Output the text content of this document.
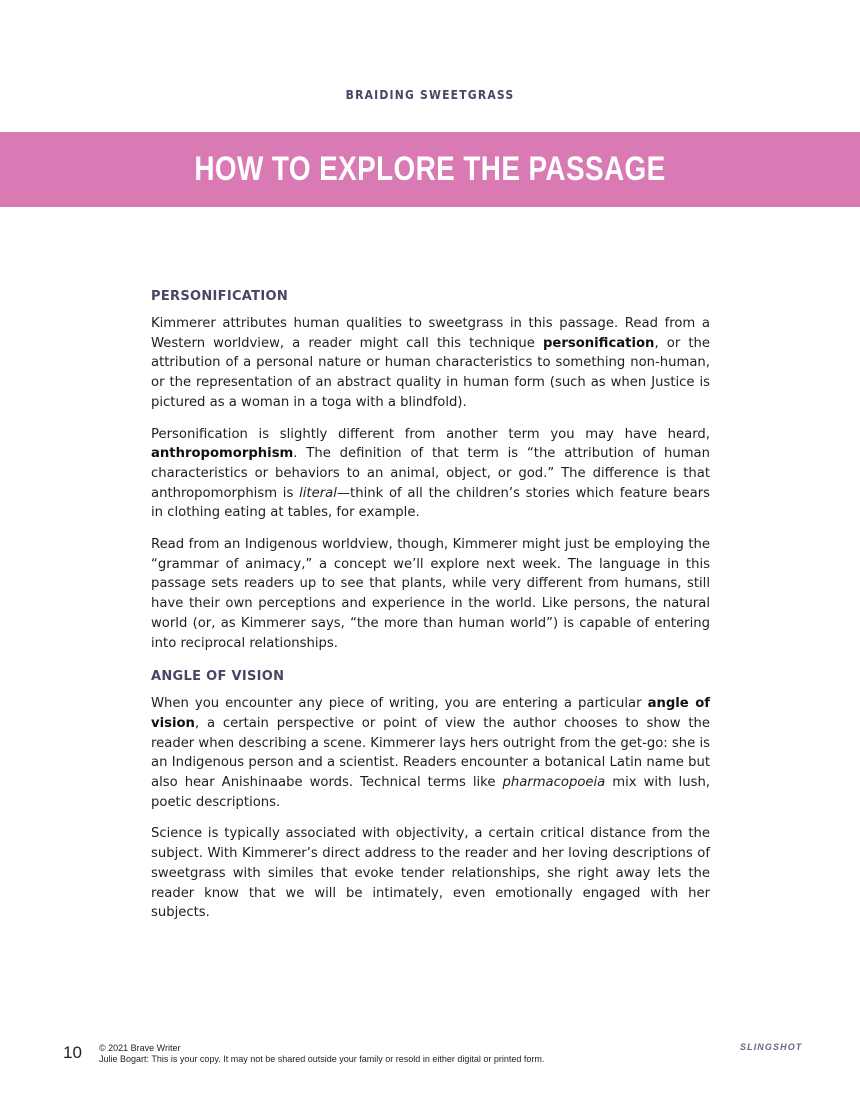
BRAIDING SWEETGRASS
HOW TO EXPLORE THE PASSAGE
PERSONIFICATION

Kimmerer attributes human qualities to sweetgrass in this passage. Read from a Western worldview, a reader might call this technique personification, or the attribution of a personal nature or human characteristics to something non-human, or the representation of an abstract quality in human form (such as when Justice is pictured as a woman in a toga with a blindfold).

Personification is slightly different from another term you may have heard, anthropomorphism. The definition of that term is “the attribution of human characteristics or behaviors to an animal, object, or god.” The difference is that anthropomorphism is literal—think of all the children’s stories which feature bears in clothing eating at tables, for example.

Read from an Indigenous worldview, though, Kimmerer might just be employing the “grammar of animacy,” a concept we’ll explore next week. The language in this passage sets readers up to see that plants, while very different from humans, still have their own perceptions and experience in the world. Like persons, the natural world (or, as Kimmerer says, “the more than human world”) is capable of entering into reciprocal relationships.

ANGLE OF VISION

When you encounter any piece of writing, you are entering a particular angle of vision, a certain perspective or point of view the author chooses to show the reader when describing a scene. Kimmerer lays hers outright from the get-go: she is an Indigenous person and a scientist. Readers encounter a botanical Latin name but also hear Anishinaabe words. Technical terms like pharmacopoeia mix with lush, poetic descriptions.

Science is typically associated with objectivity, a certain critical distance from the subject. With Kimmerer’s direct address to the reader and her loving descriptions of sweetgrass with similes that evoke tender relationships, she right away lets the reader know that we will be intimately, even emotionally engaged with her subjects.

10 © 2021 Brave Writer
Julie Bogart: This is your copy. It may not be shared outside your family or resold in either digital or printed form.
SLINGSHOT
